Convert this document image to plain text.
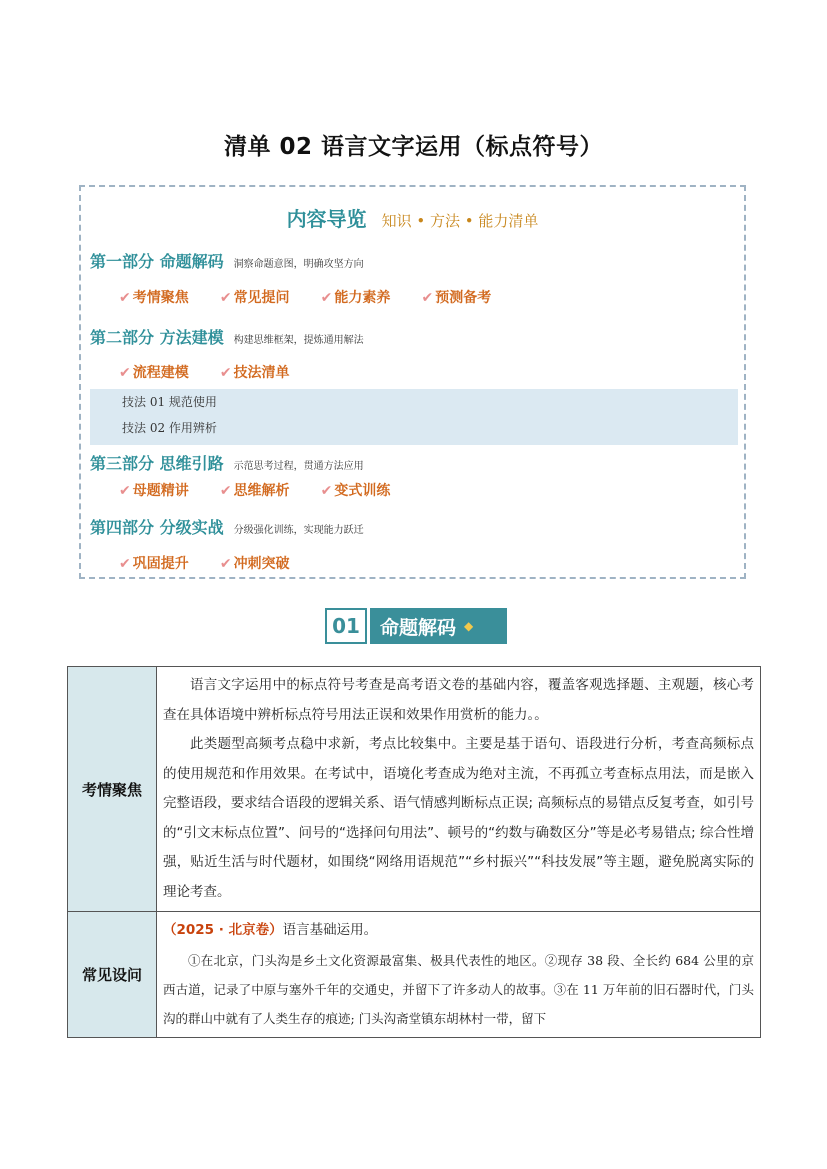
清单 02 语言文字运用（标点符号）
内容导览 知识 • 方法 • 能力清单
第一部分 命题解码 洞察命题意图，明确攻坚方向
✔ 考情聚焦 ✔ 常见提问 ✔ 能力素养 ✔ 预测备考
第二部分 方法建模 构建思维框架，提炼通用解法
✔ 流程建模 ✔ 技法清单
技法 01 规范使用
技法 02 作用辨析
第三部分 思维引路 示范思考过程，贯通方法应用
✔ 母题精讲 ✔ 思维解析 ✔ 变式训练
第四部分 分级实战 分级强化训练，实现能力跃迁
✔ 巩固提升 ✔ 冲刺突破
01	命题解码 ◆
考情聚焦	语言文字运用中的标点符号考查是高考语文卷的基础内容，覆盖客观选择题、主观题，核心考查在具体语境中辨析标点符号用法正误和效果作用赏析的能力。。

此类题型高频考点稳中求新，考点比较集中。主要是基于语句、语段进行分析，考查高频标点的使用规范和作用效果。在考试中，语境化考查成为绝对主流，不再孤立考查标点用法，而是嵌入完整语段，要求结合语段的逻辑关系、语气情感判断标点正误; 高频标点的易错点反复考查，如引号的“引文末标点位置”、问号的“选择问句用法”、顿号的“约数与确数区分”等是必考易错点; 综合性增强，贴近生活与时代题材，如围绕“网络用语规范”“乡村振兴”“科技发展”等主题，避免脱离实际的理论考查。

常见设问	（2025 · 北京卷）语言基础运用。
①在北京，门头沟是乡土文化资源最富集、极具代表性的地区。②现存 38 段、全长约 684 公里的京西古道，记录了中原与塞外千年的交通史，并留下了许多动人的故事。③在 11 万年前的旧石器时代，门头沟的群山中就有了人类生存的痕迹; 门头沟斋堂镇东胡林村一带，留下
